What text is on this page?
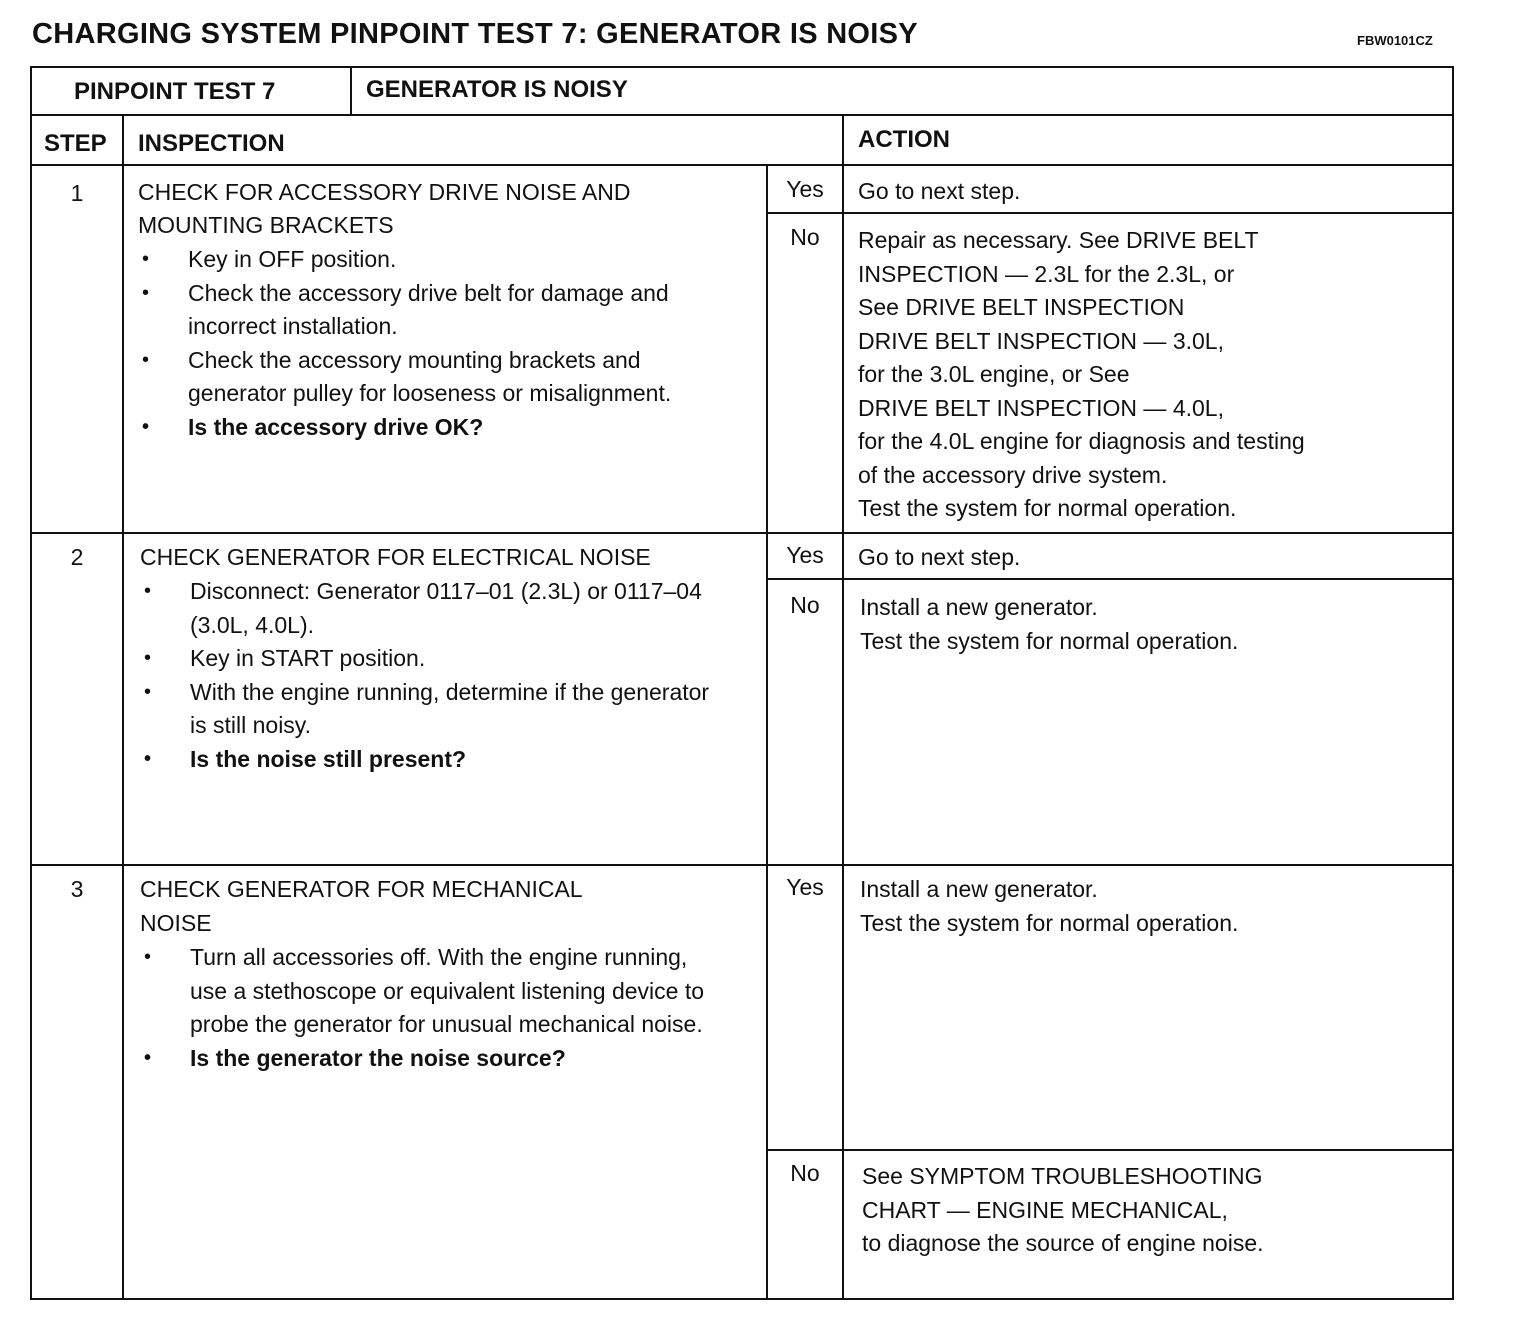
CHARGING SYSTEM PINPOINT TEST 7: GENERATOR IS NOISY	FBW0101CZ
PINPOINT TEST 7	GENERATOR IS NOISY
STEP INSPECTION	ACTION
1	CHECK FOR ACCESSORY DRIVE NOISE AND
MOUNTING BRACKETS
• Key in OFF position.
• Check the accessory drive belt for damage and incorrect installation.
• Check the accessory mounting brackets and generator pulley for looseness or misalignment.
• Is the accessory drive OK?
Yes	Go to next step.
No	Repair as necessary. See DRIVE BELT
INSPECTION — 2.3L for the 2.3L, or
See DRIVE BELT INSPECTION
DRIVE BELT INSPECTION — 3.0L,
for the 3.0L engine, or See
DRIVE BELT INSPECTION — 4.0L,
for the 4.0L engine for diagnosis and testing
of the accessory drive system.
Test the system for normal operation.
2	CHECK GENERATOR FOR ELECTRICAL NOISE
• Disconnect: Generator 0117–01 (2.3L) or 0117–04 (3.0L, 4.0L).
• Key in START position.
• With the engine running, determine if the generator is still noisy.
• Is the noise still present?
Yes	Go to next step.
No	Install a new generator.
Test the system for normal operation.
3	CHECK GENERATOR FOR MECHANICAL
NOISE
• Turn all accessories off. With the engine running, use a stethoscope or equivalent listening device to probe the generator for unusual mechanical noise.
• Is the generator the noise source?
Yes	Install a new generator.
Test the system for normal operation.
No	See SYMPTOM TROUBLESHOOTING
CHART — ENGINE MECHANICAL,
to diagnose the source of engine noise.
